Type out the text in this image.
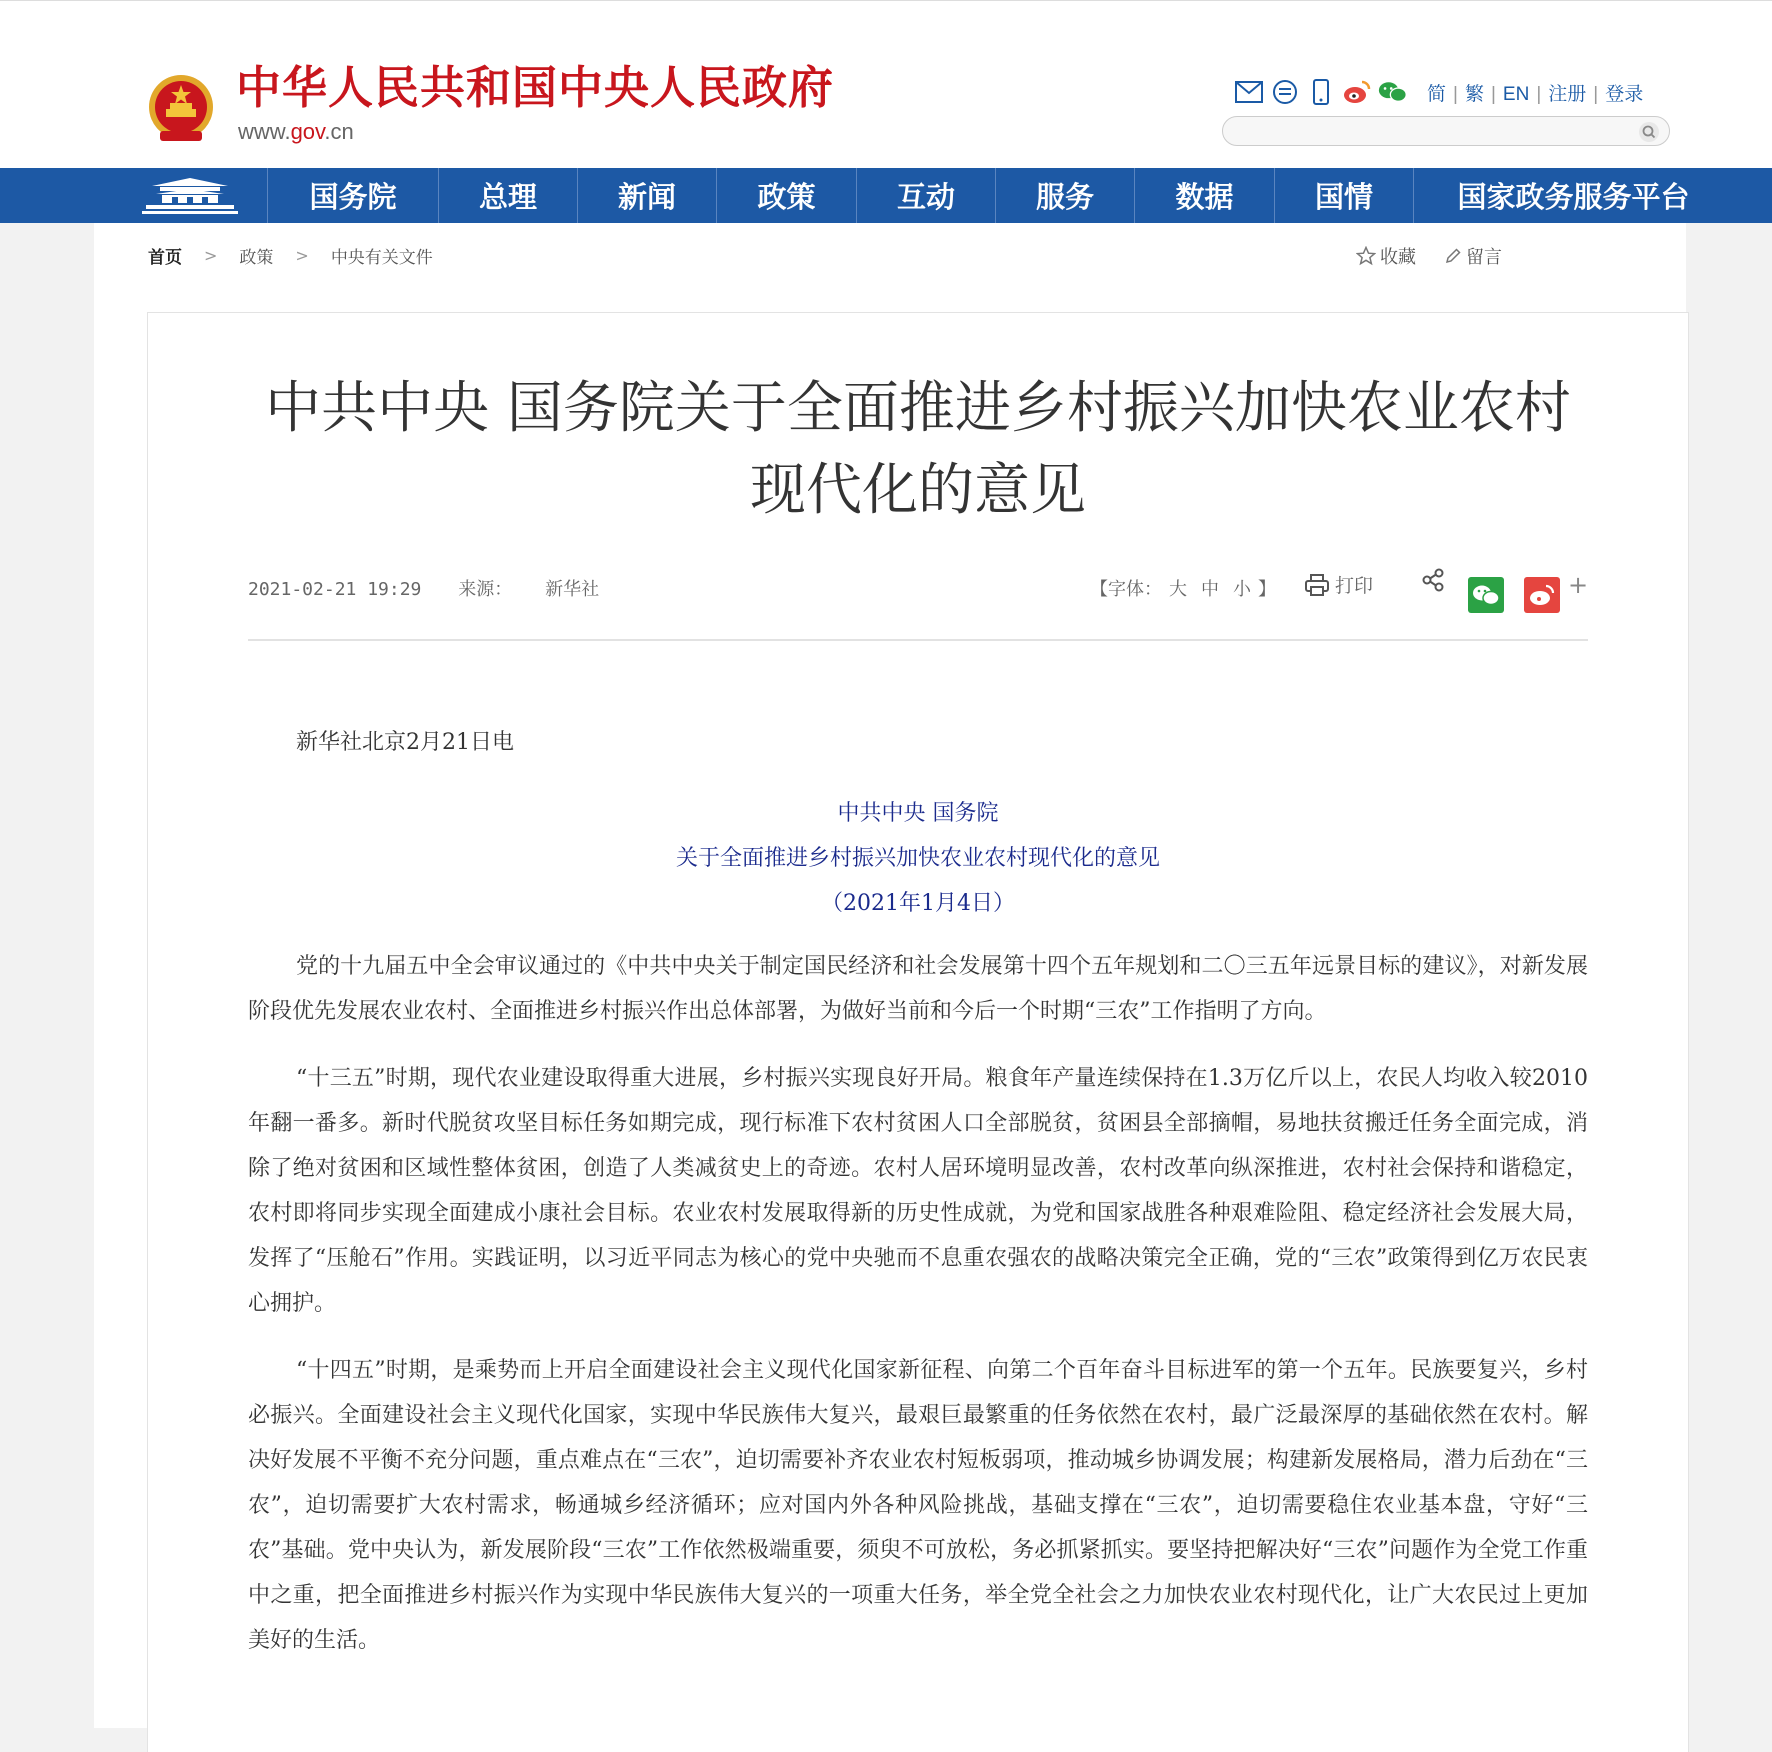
中华人民共和国中央人民政府
www.gov.cn
简 | 繁 | EN | 注册 | 登录
国务院	总理	新闻	政策	互动	服务	数据	国情	国家政务服务平台
首页 > 政策 > 中央有关文件	收藏	留言
中共中央 国务院关于全面推进乡村振兴加快农业农村
现代化的意见
2021-02-21 19:29 来源： 新华社	【字体： 大 中 小 】	打印	+

新华社北京2月21日电

中共中央 国务院
关于全面推进乡村振兴加快农业农村现代化的意见
（2021年1月4日）

党的十九届五中全会审议通过的《中共中央关于制定国民经济和社会发展第十四个五年规划和二〇三五年远景目标的建议》，对新发展阶段优先发展农业农村、全面推进乡村振兴作出总体部署，为做好当前和今后一个时期“三农”工作指明了方向。

“十三五”时期，现代农业建设取得重大进展，乡村振兴实现良好开局。粮食年产量连续保持在1.3万亿斤以上，农民人均收入较2010年翻一番多。新时代脱贫攻坚目标任务如期完成，现行标准下农村贫困人口全部脱贫，贫困县全部摘帽，易地扶贫搬迁任务全面完成，消除了绝对贫困和区域性整体贫困，创造了人类减贫史上的奇迹。农村人居环境明显改善，农村改革向纵深推进，农村社会保持和谐稳定，农村即将同步实现全面建成小康社会目标。农业农村发展取得新的历史性成就，为党和国家战胜各种艰难险阻、稳定经济社会发展大局，发挥了“压舱石”作用。实践证明，以习近平同志为核心的党中央驰而不息重农强农的战略决策完全正确，党的“三农”政策得到亿万农民衷心拥护。

“十四五”时期，是乘势而上开启全面建设社会主义现代化国家新征程、向第二个百年奋斗目标进军的第一个五年。民族要复兴，乡村必振兴。全面建设社会主义现代化国家，实现中华民族伟大复兴，最艰巨最繁重的任务依然在农村，最广泛最深厚的基础依然在农村。解决好发展不平衡不充分问题，重点难点在“三农”，迫切需要补齐农业农村短板弱项，推动城乡协调发展；构建新发展格局，潜力后劲在“三农”，迫切需要扩大农村需求，畅通城乡经济循环；应对国内外各种风险挑战，基础支撑在“三农”，迫切需要稳住农业基本盘，守好“三农”基础。党中央认为，新发展阶段“三农”工作依然极端重要，须臾不可放松，务必抓紧抓实。要坚持把解决好“三农”问题作为全党工作重中之重，把全面推进乡村振兴作为实现中华民族伟大复兴的一项重大任务，举全党全社会之力加快农业农村现代化，让广大农民过上更加美好的生活。
